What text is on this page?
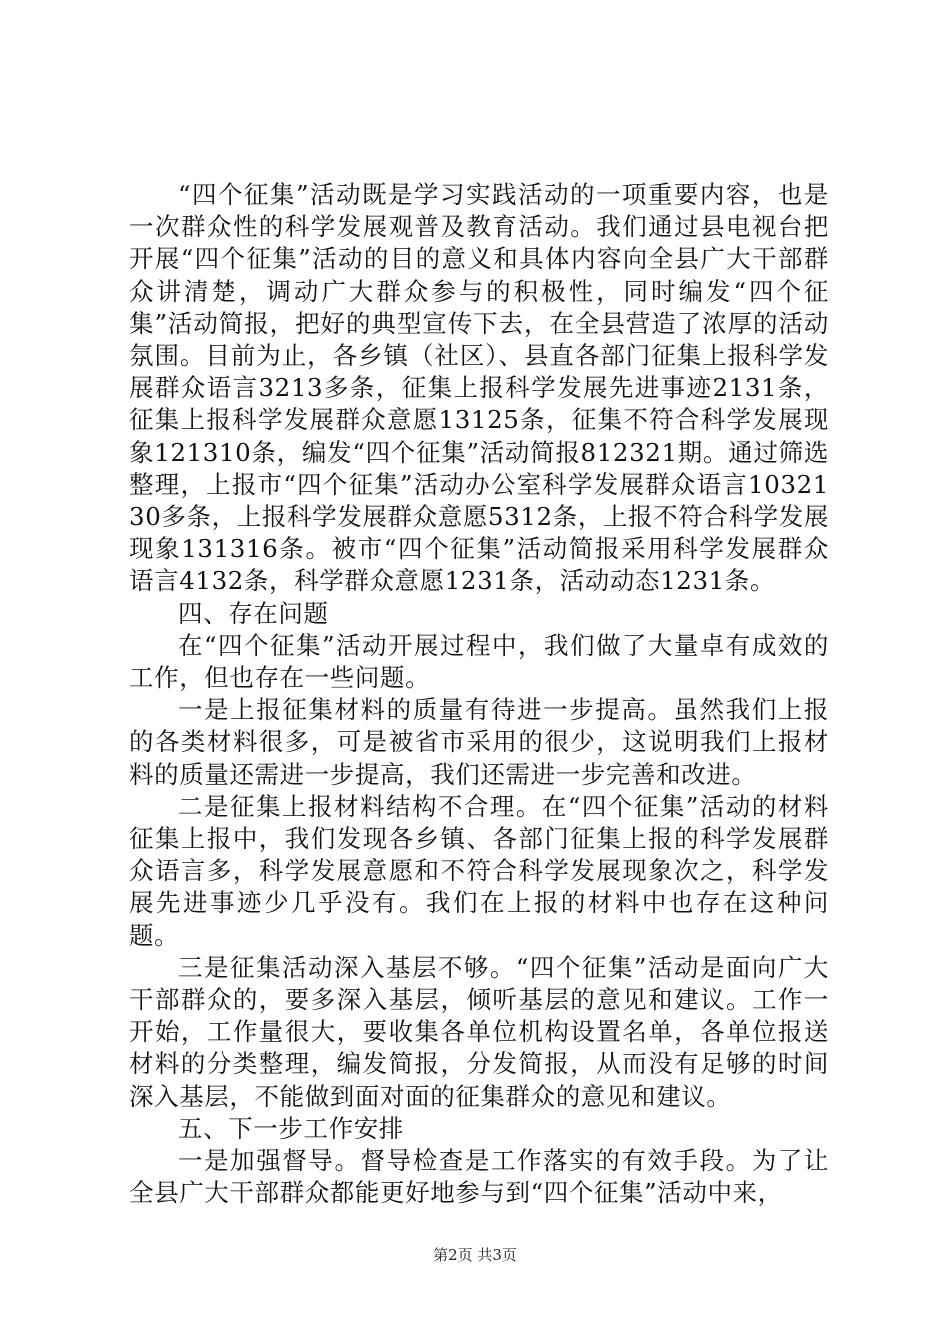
“四个征集”活动既是学习实践活动的一项重要内容，也是一次群众性的科学发展观普及教育活动。我们通过县电视台把开展“四个征集”活动的目的意义和具体内容向全县广大干部群众讲清楚，调动广大群众参与的积极性，同时编发“四个征集”活动简报，把好的典型宣传下去，在全县营造了浓厚的活动氛围。目前为止，各乡镇（社区）、县直各部门征集上报科学发展群众语言3213多条，征集上报科学发展先进事迹2131条，征集上报科学发展群众意愿13125条，征集不符合科学发展现象121310条，编发“四个征集”活动简报812321期。通过筛选整理，上报市“四个征集”活动办公室科学发展群众语言1032130多条，上报科学发展群众意愿5312条，上报不符合科学发展现象131316条。被市“四个征集”活动简报采用科学发展群众语言4132条，科学群众意愿1231条，活动动态1231条。

四、存在问题

在“四个征集”活动开展过程中，我们做了大量卓有成效的工作，但也存在一些问题。

一是上报征集材料的质量有待进一步提高。虽然我们上报的各类材料很多，可是被省市采用的很少，这说明我们上报材料的质量还需进一步提高，我们还需进一步完善和改进。

二是征集上报材料结构不合理。在“四个征集”活动的材料征集上报中，我们发现各乡镇、各部门征集上报的科学发展群众语言多，科学发展意愿和不符合科学发展现象次之，科学发展先进事迹少几乎没有。我们在上报的材料中也存在这种问题。

三是征集活动深入基层不够。“四个征集”活动是面向广大干部群众的，要多深入基层，倾听基层的意见和建议。工作一开始，工作量很大，要收集各单位机构设置名单，各单位报送材料的分类整理，编发简报，分发简报，从而没有足够的时间深入基层，不能做到面对面的征集群众的意见和建议。

五、下一步工作安排

一是加强督导。督导检查是工作落实的有效手段。为了让全县广大干部群众都能更好地参与到“四个征集”活动中来，

第2页 共3页
